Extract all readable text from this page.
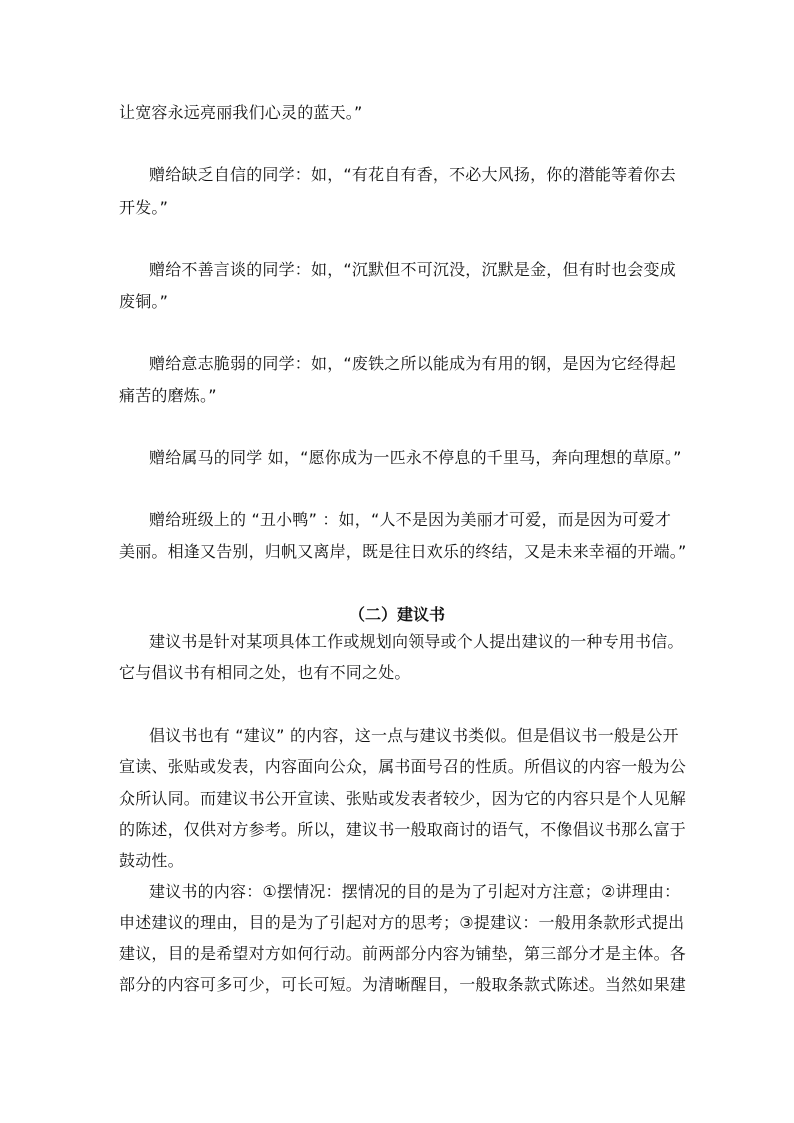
让宽容永远亮丽我们心灵的蓝天。”
赠给缺乏自信的同学：如，“有花自有香，不必大风扬，你的潜能等着你去
开发。”
赠给不善言谈的同学：如，“沉默但不可沉没，沉默是金，但有时也会变成
废铜。”
赠给意志脆弱的同学：如，“废铁之所以能成为有用的钢，是因为它经得起
痛苦的磨炼。”
赠给属马的同学 如，“愿你成为一匹永不停息的千里马，奔向理想的草原。”
赠给班级上的 “丑小鸭” ：如，“人不是因为美丽才可爱，而是因为可爱才
美丽。相逢又告别，归帆又离岸，既是往日欢乐的终结，又是未来幸福的开端。”
（二）建议书
建议书是针对某项具体工作或规划向领导或个人提出建议的一种专用书信。
它与倡议书有相同之处，也有不同之处。
倡议书也有 “建议” 的内容，这一点与建议书类似。但是倡议书一般是公开
宣读、张贴或发表，内容面向公众，属书面号召的性质。所倡议的内容一般为公
众所认同。而建议书公开宣读、张贴或发表者较少，因为它的内容只是个人见解
的陈述，仅供对方参考。所以，建议书一般取商讨的语气，不像倡议书那么富于
鼓动性。
建议书的内容：①摆情况：摆情况的目的是为了引起对方注意；②讲理由：
申述建议的理由，目的是为了引起对方的思考；③提建议：一般用条款形式提出
建议，目的是希望对方如何行动。前两部分内容为铺垫，第三部分才是主体。各
部分的内容可多可少，可长可短。为清晰醒目，一般取条款式陈述。当然如果建
